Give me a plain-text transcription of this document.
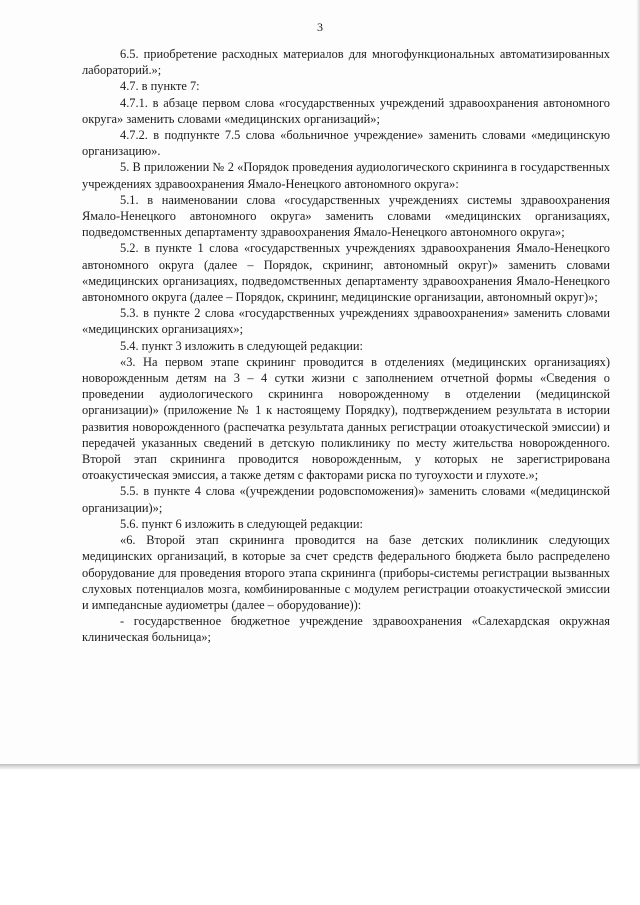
3

6.5. приобретение расходных материалов для многофункциональных автоматизированных лабораторий.»;

4.7. в пункте 7:

4.7.1. в абзаце первом слова «государственных учреждений здравоохранения автономного округа» заменить словами «медицинских организаций»;

4.7.2. в подпункте 7.5 слова «больничное учреждение» заменить словами «медицинскую организацию».

5. В приложении № 2 «Порядок проведения аудиологического скрининга в государственных учреждениях здравоохранения Ямало-Ненецкого автономного округа»:

5.1. в наименовании слова «государственных учреждениях системы здравоохранения Ямало-Ненецкого автономного округа» заменить словами «медицинских организациях, подведомственных департаменту здравоохранения Ямало-Ненецкого автономного округа»;

5.2. в пункте 1 слова «государственных учреждениях здравоохранения Ямало-Ненецкого автономного округа (далее – Порядок, скрининг, автономный округ)» заменить словами «медицинских организациях, подведомственных департаменту здравоохранения Ямало-Ненецкого автономного округа (далее – Порядок, скрининг, медицинские организации, автономный округ)»;

5.3. в пункте 2 слова «государственных учреждениях здравоохранения» заменить словами «медицинских организациях»;

5.4. пункт 3 изложить в следующей редакции:

«3. На первом этапе скрининг проводится в отделениях (медицинских организациях) новорожденным детям на 3 – 4 сутки жизни с заполнением отчетной формы «Сведения о проведении аудиологического скрининга новорожденному в отделении (медицинской организации)» (приложение № 1 к настоящему Порядку), подтверждением результата в истории развития новорожденного (распечатка результата данных регистрации отоакустической эмиссии) и передачей указанных сведений в детскую поликлинику по месту жительства новорожденного. Второй этап скрининга проводится новорожденным, у которых не зарегистрирована отоакустическая эмиссия, а также детям с факторами риска по тугоухости и глухоте.»;

5.5. в пункте 4 слова «(учреждении родовспоможения)» заменить словами «(медицинской организации)»;

5.6. пункт 6 изложить в следующей редакции:

«6. Второй этап скрининга проводится на базе детских поликлиник следующих медицинских организаций, в которые за счет средств федерального бюджета было распределено оборудование для проведения второго этапа скрининга (приборы-системы регистрации вызванных слуховых потенциалов мозга, комбинированные с модулем регистрации отоакустической эмиссии и импедансные аудиометры (далее – оборудование)):

- государственное бюджетное учреждение здравоохранения «Салехардская окружная клиническая больница»;
